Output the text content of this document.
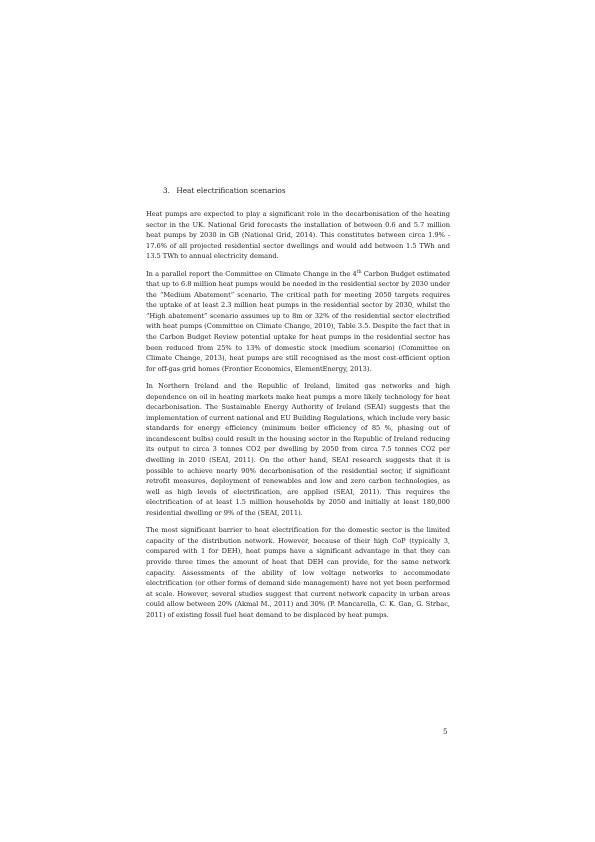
3. Heat electrification scenarios

Heat pumps are expected to play a significant role in the decarbonisation of the heating sector in the UK. National Grid forecasts the installation of between 0.6 and 5.7 million heat pumps by 2030 in GB (National Grid, 2014). This constitutes between circa 1.9% - 17.6% of all projected residential sector dwellings and would add between 1.5 TWh and 13.5 TWh to annual electricity demand.

In a parallel report the Committee on Climate Change in the 4th Carbon Budget estimated that up to 6.8 million heat pumps would be needed in the residential sector by 2030 under the “Medium Abatement” scenario. The critical path for meeting 2050 targets requires the uptake of at least 2.3 million heat pumps in the residential sector by 2030, whilst the “High abatement” scenario assumes up to 8m or 32% of the residential sector electrified with heat pumps (Committee on Climate Change, 2010), Table 3.5. Despite the fact that in the Carbon Budget Review potential uptake for heat pumps in the residential sector has been reduced from 25% to 13% of domestic stock (medium scenario) (Committee on Climate Change, 2013), heat pumps are still recognised as the most cost-efficient option for off-gas grid homes (Frontier Economics, ElementEnergy, 2013).

In Northern Ireland and the Republic of Ireland, limited gas networks and high dependence on oil in heating markets make heat pumps a more likely technology for heat decarbonisation. The Sustainable Energy Authority of Ireland (SEAI) suggests that the implementation of current national and EU Building Regulations, which include very basic standards for energy efficiency (minimum boiler efficiency of 85 %, phasing out of incandescent bulbs) could result in the housing sector in the Republic of Ireland reducing its output to circa 3 tonnes CO2 per dwelling by 2050 from circa 7.5 tonnes CO2 per dwelling in 2010 (SEAI, 2011). On the other hand, SEAI research suggests that it is possible to achieve nearly 90% decarbonisation of the residential sector, if significant retrofit measures, deployment of renewables and low and zero carbon technologies, as well as high levels of electrification, are applied (SEAI, 2011). This requires the electrification of at least 1.5 million households by 2050 and initially at least 180,000 residential dwelling or 9% of the (SEAI, 2011).

The most significant barrier to heat electrification for the domestic sector is the limited capacity of the distribution network. However, because of their high CoP (typically 3, compared with 1 for DEH), heat pumps have a significant advantage in that they can provide three times the amount of heat that DEH can provide, for the same network capacity. Assessments of the ability of low voltage networks to accommodate electrification (or other forms of demand side management) have not yet been performed at scale. However, several studies suggest that current network capacity in urban areas could allow between 20% (Akmal M., 2011) and 30% (P. Mancarella, C. K. Gan, G. Strbac, 2011) of existing fossil fuel heat demand to be displaced by heat pumps.

5
